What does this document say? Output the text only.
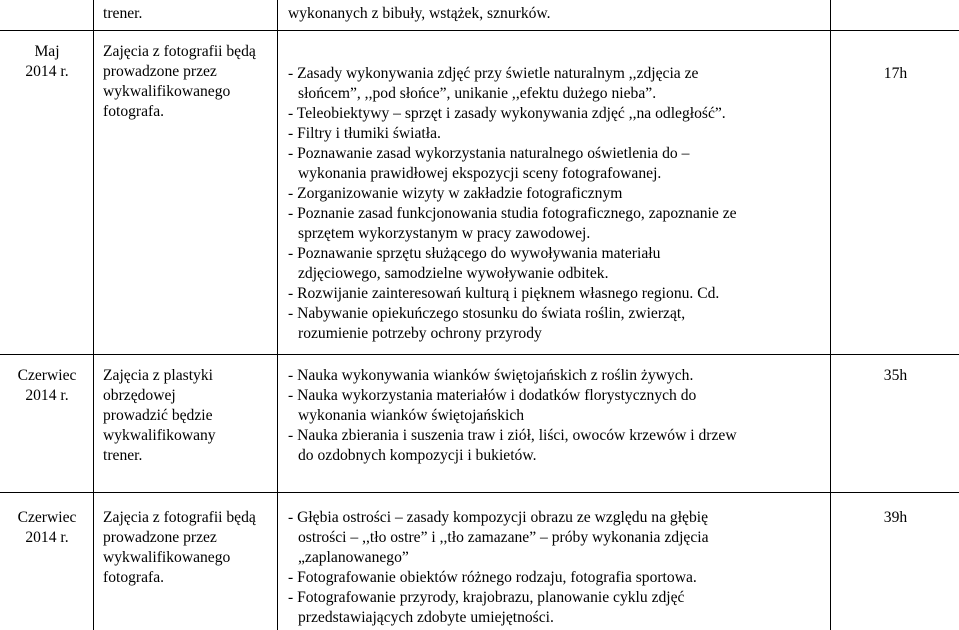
trener.	wykonanych z bibuły, wstążek, sznurków.
Maj
2014 r.
Zajęcia z fotografii będą
prowadzone przez
wykwalifikowanego
fotografa.
- Zasady wykonywania zdjęć przy świetle naturalnym ,,zdjęcia ze
słońcem”, ,,pod słońce”, unikanie ,,efektu dużego nieba”.
- Teleobiektywy – sprzęt i zasady wykonywania zdjęć ,,na odległość”.
- Filtry i tłumiki światła.
- Poznawanie zasad wykorzystania naturalnego oświetlenia do –
wykonania prawidłowej ekspozycji sceny fotografowanej.
- Zorganizowanie wizyty w zakładzie fotograficznym
- Poznanie zasad funkcjonowania studia fotograficznego, zapoznanie ze
sprzętem wykorzystanym w pracy zawodowej.
- Poznawanie sprzętu służącego do wywoływania materiału
zdjęciowego, samodzielne wywoływanie odbitek.
- Rozwijanie zainteresowań kulturą i pięknem własnego regionu. Cd.
- Nabywanie opiekuńczego stosunku do świata roślin, zwierząt,
rozumienie potrzeby ochrony przyrody
17h
Czerwiec
2014 r.
Zajęcia z plastyki
obrzędowej
prowadzić będzie
wykwalifikowany
trener.
- Nauka wykonywania wianków świętojańskich z roślin żywych.
- Nauka wykorzystania materiałów i dodatków florystycznych do
wykonania wianków świętojańskich
- Nauka zbierania i suszenia traw i ziół, liści, owoców krzewów i drzew
do ozdobnych kompozycji i bukietów.
35h
Czerwiec
2014 r.
Zajęcia z fotografii będą
prowadzone przez
wykwalifikowanego
fotografa.
- Głębia ostrości – zasady kompozycji obrazu ze względu na głębię
ostrości – ,,tło ostre” i ,,tło zamazane” – próby wykonania zdjęcia
„zaplanowanego”
- Fotografowanie obiektów różnego rodzaju, fotografia sportowa.
- Fotografowanie przyrody, krajobrazu, planowanie cyklu zdjęć
przedstawiających zdobyte umiejętności.
39h
